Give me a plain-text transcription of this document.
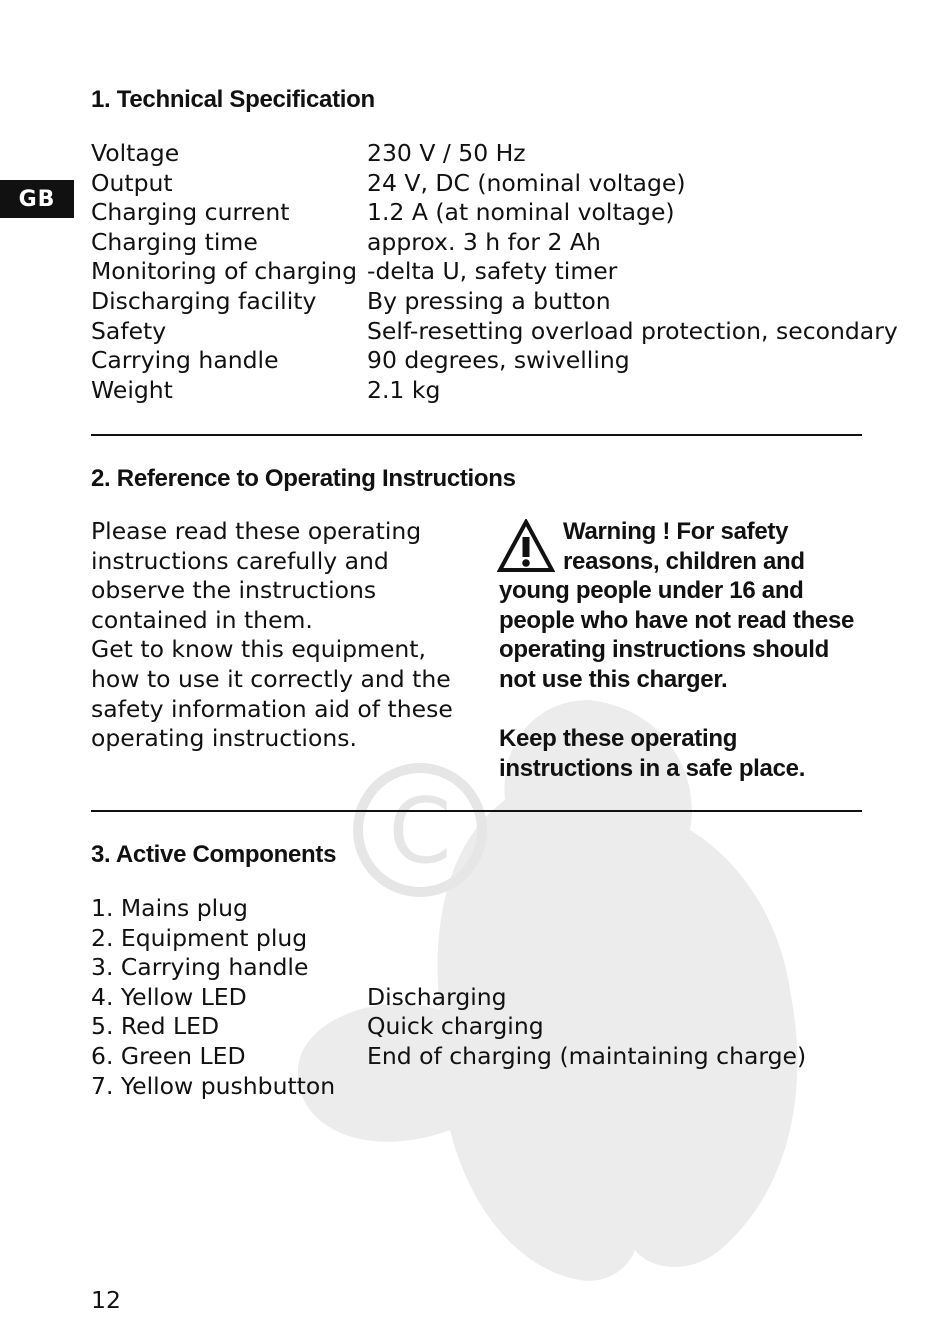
C
GB
1. Technical Specification
Voltage	230 V / 50 Hz
Output	24 V, DC (nominal voltage)
Charging current	1.2 A (at nominal voltage)
Charging time	approx. 3 h for 2 Ah
Monitoring of charging -delta U, safety timer
Discharging facility	By pressing a button
Safety	Self-resetting overload protection, secondary
Carrying handle	90 degrees, swivelling
Weight	2.1 kg
2. Reference to Operating Instructions

Please read these operating instructions carefully and observe the instructions contained in them.

Get to know this equipment, how to use it correctly and the safety information aid of these operating instructions.

Warning ! For safety reasons, children and young people under 16 and people who have not read these operating instructions should not use this charger.

Keep these operating instructions in a safe place.

3. Active Components
1. Mains plug
2. Equipment plug
3. Carrying handle
4. Yellow LED	Discharging
5. Red LED	Quick charging
6. Green LED	End of charging (maintaining charge)
7. Yellow pushbutton
12
